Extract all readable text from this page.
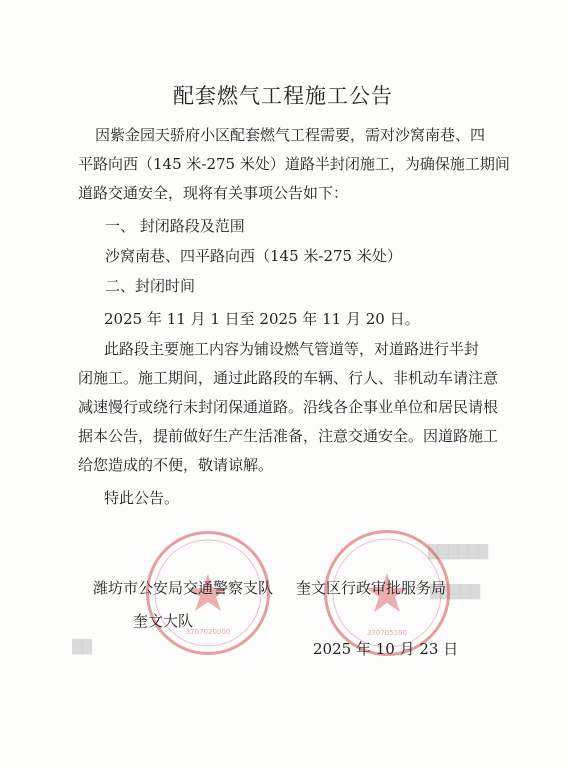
配套燃气工程施工公告
因紫金园天骄府小区配套燃气工程需要，需对沙窝南巷、四
平路向西（145 米-275 米处）道路半封闭施工，为确保施工期间
道路交通安全，现将有关事项公告如下：
一、 封闭路段及范围
沙窝南巷、四平路向西（145 米-275 米处）
二、封闭时间
2025 年 11 月 1 日至 2025 年 11 月 20 日。
此路段主要施工内容为铺设燃气管道等，对道路进行半封
闭施工。施工期间，通过此路段的车辆、行人、非机动车请注意
减速慢行或绕行未封闭保通道路。沿线各企事业单位和居民请根
据本公告，提前做好生产生活准备，注意交通安全。因道路施工
给您造成的不便，敬请谅解。
特此公告。
██████
█████
██
3707020000	370705100
潍坊市公安局交通警察支队
奎文大队
奎文区行政审批服务局
2025 年 10 月 23 日
